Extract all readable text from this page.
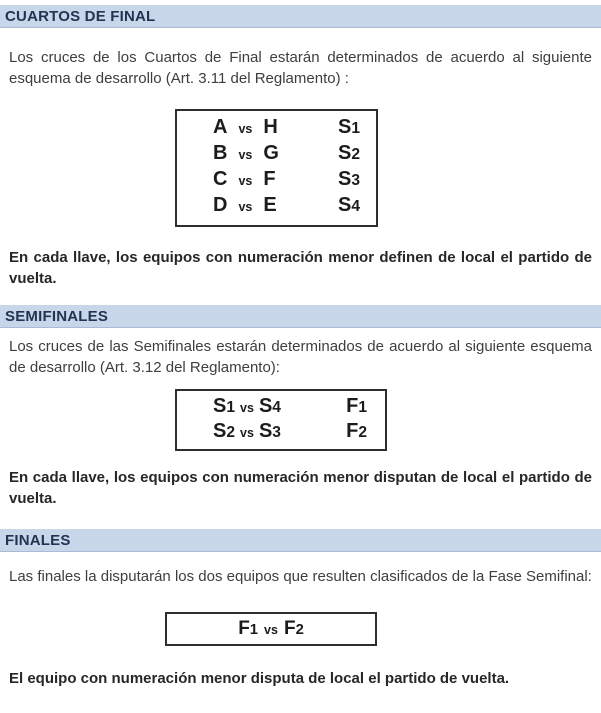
CUARTOS DE FINAL

Los cruces de los Cuartos de Final estarán determinados de acuerdo al siguiente esquema de desarrollo (Art. 3.11 del Reglamento) :

A vs H	S1
B vs G	S2
C vs F	S3
D vs E	S4

En cada llave, los equipos con numeración menor definen de local el partido de vuelta.

SEMIFINALES

Los cruces de las Semifinales estarán determinados de acuerdo al siguiente esquema de desarrollo (Art. 3.12 del Reglamento):

S1 vs S4	F1
S2 vs S3	F2

En cada llave, los equipos con numeración menor disputan de local el partido de vuelta.

FINALES

Las finales la disputarán los dos equipos que resulten clasificados de la Fase Semifinal:

F1 vs F2

El equipo con numeración menor disputa de local el partido de vuelta.
